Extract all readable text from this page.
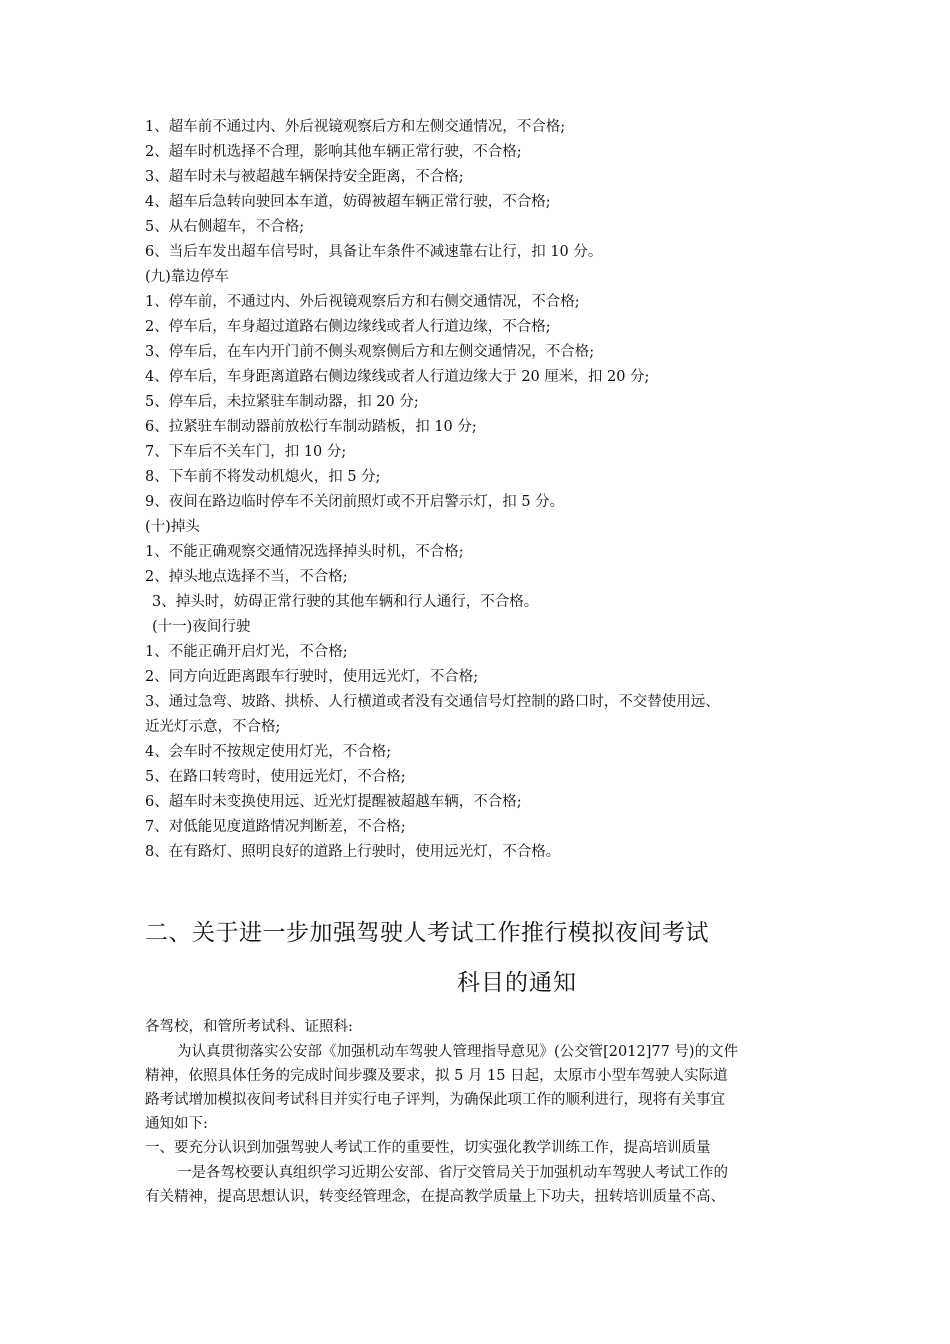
1、超车前不通过内、外后视镜观察后方和左侧交通情况，不合格;
2、超车时机选择不合理，影响其他车辆正常行驶，不合格;
3、超车时未与被超越车辆保持安全距离，不合格;
4、超车后急转向驶回本车道，妨碍被超车辆正常行驶，不合格;
5、从右侧超车，不合格;
6、当后车发出超车信号时，具备让车条件不减速靠右让行，扣 10 分。
(九)靠边停车
1、停车前，不通过内、外后视镜观察后方和右侧交通情况，不合格;
2、停车后，车身超过道路右侧边缘线或者人行道边缘，不合格;
3、停车后，在车内开门前不侧头观察侧后方和左侧交通情况，不合格;
4、停车后，车身距离道路右侧边缘线或者人行道边缘大于 20 厘米，扣 20 分;
5、停车后，未拉紧驻车制动器，扣 20 分;
6、拉紧驻车制动器前放松行车制动踏板，扣 10 分;
7、下车后不关车门，扣 10 分;
8、下车前不将发动机熄火，扣 5 分;
9、夜间在路边临时停车不关闭前照灯或不开启警示灯，扣 5 分。
(十)掉头
1、不能正确观察交通情况选择掉头时机，不合格;
2、掉头地点选择不当，不合格;
3、掉头时，妨碍正常行驶的其他车辆和行人通行，不合格。
(十一)夜间行驶
1、不能正确开启灯光，不合格;
2、同方向近距离跟车行驶时，使用远光灯，不合格;
3、通过急弯、坡路、拱桥、人行横道或者没有交通信号灯控制的路口时，不交替使用远、
近光灯示意，不合格;
4、会车时不按规定使用灯光，不合格;
5、在路口转弯时，使用远光灯，不合格;
6、超车时未变换使用远、近光灯提醒被超越车辆，不合格;
7、对低能见度道路情况判断差，不合格;
8、在有路灯、照明良好的道路上行驶时，使用远光灯，不合格。
二、关于进一步加强驾驶人考试工作推行模拟夜间考试
科目的通知
各驾校，和管所考试科、证照科:
为认真贯彻落实公安部《加强机动车驾驶人管理指导意见》(公交管[2012]77 号)的文件
精神，依照具体任务的完成时间步骤及要求，拟 5 月 15 日起，太原市小型车驾驶人实际道
路考试增加模拟夜间考试科目并实行电子评判，为确保此项工作的顺利进行，现将有关事宜
通知如下:
一、要充分认识到加强驾驶人考试工作的重要性，切实强化教学训练工作，提高培训质量
一是各驾校要认真组织学习近期公安部、省厅交管局关于加强机动车驾驶人考试工作的
有关精神，提高思想认识，转变经管理念，在提高教学质量上下功夫，扭转培训质量不高、
